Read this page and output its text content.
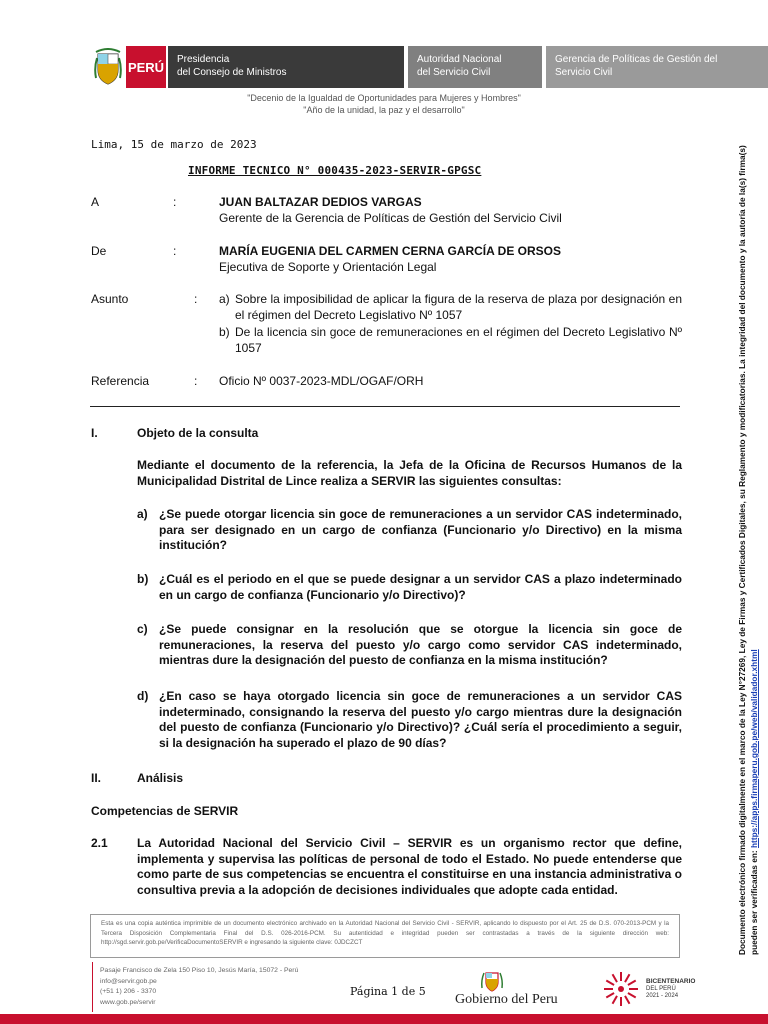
PERÚ Presidencia
del Consejo de Ministros
Autoridad Nacional
del Servicio Civil
Gerencia de Políticas de Gestión del
Servicio Civil
"Decenio de la Igualdad de Oportunidades para Mujeres y Hombres"
"Año de la unidad, la paz y el desarrollo"
Lima, 15 de marzo de 2023
INFORME TECNICO N° 000435-2023-SERVIR-GPGSC
A	:	JUAN BALTAZAR DEDIOS VARGAS
Gerente de la Gerencia de Políticas de Gestión del Servicio Civil
De	:	MARÍA EUGENIA DEL CARMEN CERNA GARCÍA DE ORSOS
Ejecutiva de Soporte y Orientación Legal
Asunto	: a) Sobre la imposibilidad de aplicar la figura de la reserva de plaza por designación en el régimen del Decreto Legislativo Nº 1057
b) De la licencia sin goce de remuneraciones en el régimen del Decreto Legislativo Nº 1057
Referencia	: Oficio Nº 0037-2023-MDL/OGAF/ORH
I.	Objeto de la consulta
Mediante el documento de la referencia, la Jefa de la Oficina de Recursos Humanos de la Municipalidad Distrital de Lince realiza a SERVIR las siguientes consultas:
a) ¿Se puede otorgar licencia sin goce de remuneraciones a un servidor CAS indeterminado, para ser designado en un cargo de confianza (Funcionario y/o Directivo) en la misma institución?
b) ¿Cuál es el periodo en el que se puede designar a un servidor CAS a plazo indeterminado en un cargo de confianza (Funcionario y/o Directivo)?
c) ¿Se puede consignar en la resolución que se otorgue la licencia sin goce de remuneraciones, la reserva del puesto y/o cargo como servidor CAS indeterminado, mientras dure la designación del puesto de confianza en la misma institución?
d) ¿En caso se haya otorgado licencia sin goce de remuneraciones a un servidor CAS indeterminado, consignando la reserva del puesto y/o cargo mientras dure la designación del puesto de confianza (Funcionario y/o Directivo)? ¿Cuál sería el procedimiento a seguir, si la designación ha superado el plazo de 90 días?
II.	Análisis
Competencias de SERVIR
2.1 La Autoridad Nacional del Servicio Civil – SERVIR es un organismo rector que define, implementa y supervisa las políticas de personal de todo el Estado. No puede entenderse que como parte de sus competencias se encuentra el constituirse en una instancia administrativa o consultiva previa a la adopción de decisiones individuales que adopte cada entidad.
Esta es una copia auténtica imprimible de un documento electrónico archivado en la Autoridad Nacional del Servicio Civil - SERVIR, aplicando lo dispuesto por el Art. 25 de D.S. 070-2013-PCM y la Tercera Disposición Complementaria Final del D.S. 026-2016-PCM. Su autenticidad e integridad pueden ser contrastadas a través de la siguiente dirección web: http://sgd.servir.gob.pe/VerificaDocumentoSERVIR e ingresando la siguiente clave: 0JDCZCT
Pasaje Francisco de Zela 150 Piso 10, Jesús María, 15072 - Perú
info@servir.gob.pe
(+51 1) 206 - 3370
www.gob.pe/servir
Página 1 de 5
Gobierno del Peru
BICENTENARIO
DEL PERÚ
2021 - 2024
Documento electrónico firmado digitalmente en el marco de la Ley N°27269, Ley de Firmas y Certificados Digitales, su Reglamento y modificatorias. La integridad del documento y la autoría de la(s) firma(s) pueden ser verificadas en: https://apps.firmaperu.gob.pe/web/validador.xhtml
